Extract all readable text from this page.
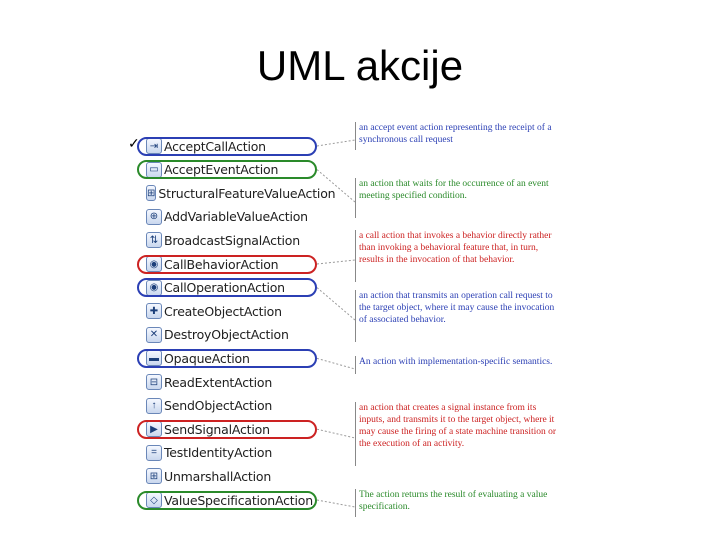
UML akcije
✓	⇥ AcceptCallAction
▭ AcceptEventAction
⊞ StructuralFeatureValueAction
⊕ AddVariableValueAction
⇅ BroadcastSignalAction
◉ CallBehaviorAction
◉ CallOperationAction
✚ CreateObjectAction
✕ DestroyObjectAction
▬ OpaqueAction
⊟ ReadExtentAction
↑ SendObjectAction
▶ SendSignalAction
= TestIdentityAction
⊞ UnmarshallAction
◇ ValueSpecificationAction
an accept event action representing the receipt of a synchronous call request
an action that waits for the occurrence of an event meeting specified condition.
a call action that invokes a behavior directly rather than invoking a behavioral feature that, in turn, results in the invocation of that behavior.
an action that transmits an operation call request to the target object, where it may cause the invocation of associated behavior.
An action with implementation-specific semantics.
an action that creates a signal instance from its inputs, and transmits it to the target object, where it may cause the firing of a state machine transition or the execution of an activity.
The action returns the result of evaluating a value specification.
